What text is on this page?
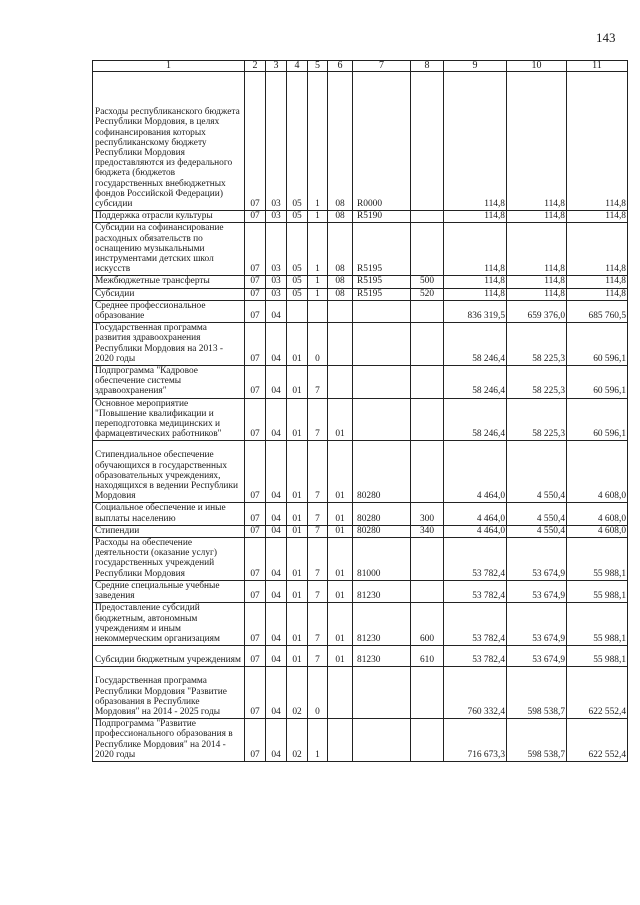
143
1	2	3	4	5	6	7	8	9	10	11
Расходы республиканского бюджета Республики Мордовия, в целях софинансирования которых республиканскому бюджету Республики Мордовия предоставляются из федерального бюджета (бюджетов государственных внебюджетных фондов Российской Федерации) субсидии	07	03	05	1	08	R0000		114,8	114,8	114,8
Поддержка отрасли культуры	07	03	05	1	08	R5190		114,8	114,8	114,8
Субсидии на софинансирование расходных обязательств по оснащению музыкальными инструментами детских школ искусств	07	03	05	1	08	R5195		114,8	114,8	114,8
Межбюджетные трансферты	07	03	05	1	08	R5195	500	114,8	114,8	114,8
Субсидии	07	03	05	1	08	R5195	520	114,8	114,8	114,8
Среднее профессиональное образование	07	04						836 319,5	659 376,0	685 760,5
Государственная программа развития здравоохранения Республики Мордовия на 2013 - 2020 годы	07	04	01	0				58 246,4	58 225,3	60 596,1
Подпрограмма "Кадровое обеспечение системы здравоохранения"	07	04	01	7				58 246,4	58 225,3	60 596,1
Основное мероприятие "Повышение квалификации и переподготовка медицинских и фармацевтических работников"	07	04	01	7	01			58 246,4	58 225,3	60 596,1
Стипендиальное обеспечение обучающихся в государственных образовательных учреждениях, находящихся в ведении Республики Мордовия	07	04	01	7	01	80280		4 464,0	4 550,4	4 608,0
Социальное обеспечение и иные выплаты населению	07	04	01	7	01	80280	300	4 464,0	4 550,4	4 608,0
Стипендии	07	04	01	7	01	80280	340	4 464,0	4 550,4	4 608,0
Расходы на обеспечение деятельности (оказание услуг) государственных учреждений Республики Мордовия	07	04	01	7	01	81000		53 782,4	53 674,9	55 988,1
Средние специальные учебные заведения	07	04	01	7	01	81230		53 782,4	53 674,9	55 988,1
Предоставление субсидий бюджетным, автономным учреждениям и иным некоммерческим организациям	07	04	01	7	01	81230	600	53 782,4	53 674,9	55 988,1
Субсидии бюджетным учреждениям	07	04	01	7	01	81230	610	53 782,4	53 674,9	55 988,1
Государственная программа Республики Мордовия "Развитие образования в Республике Мордовия" на 2014 - 2025 годы	07	04	02	0				760 332,4	598 538,7	622 552,4
Подпрограмма "Развитие профессионального образования в Республике Мордовия" на 2014 - 2020 годы	07	04	02	1				716 673,3	598 538,7	622 552,4
